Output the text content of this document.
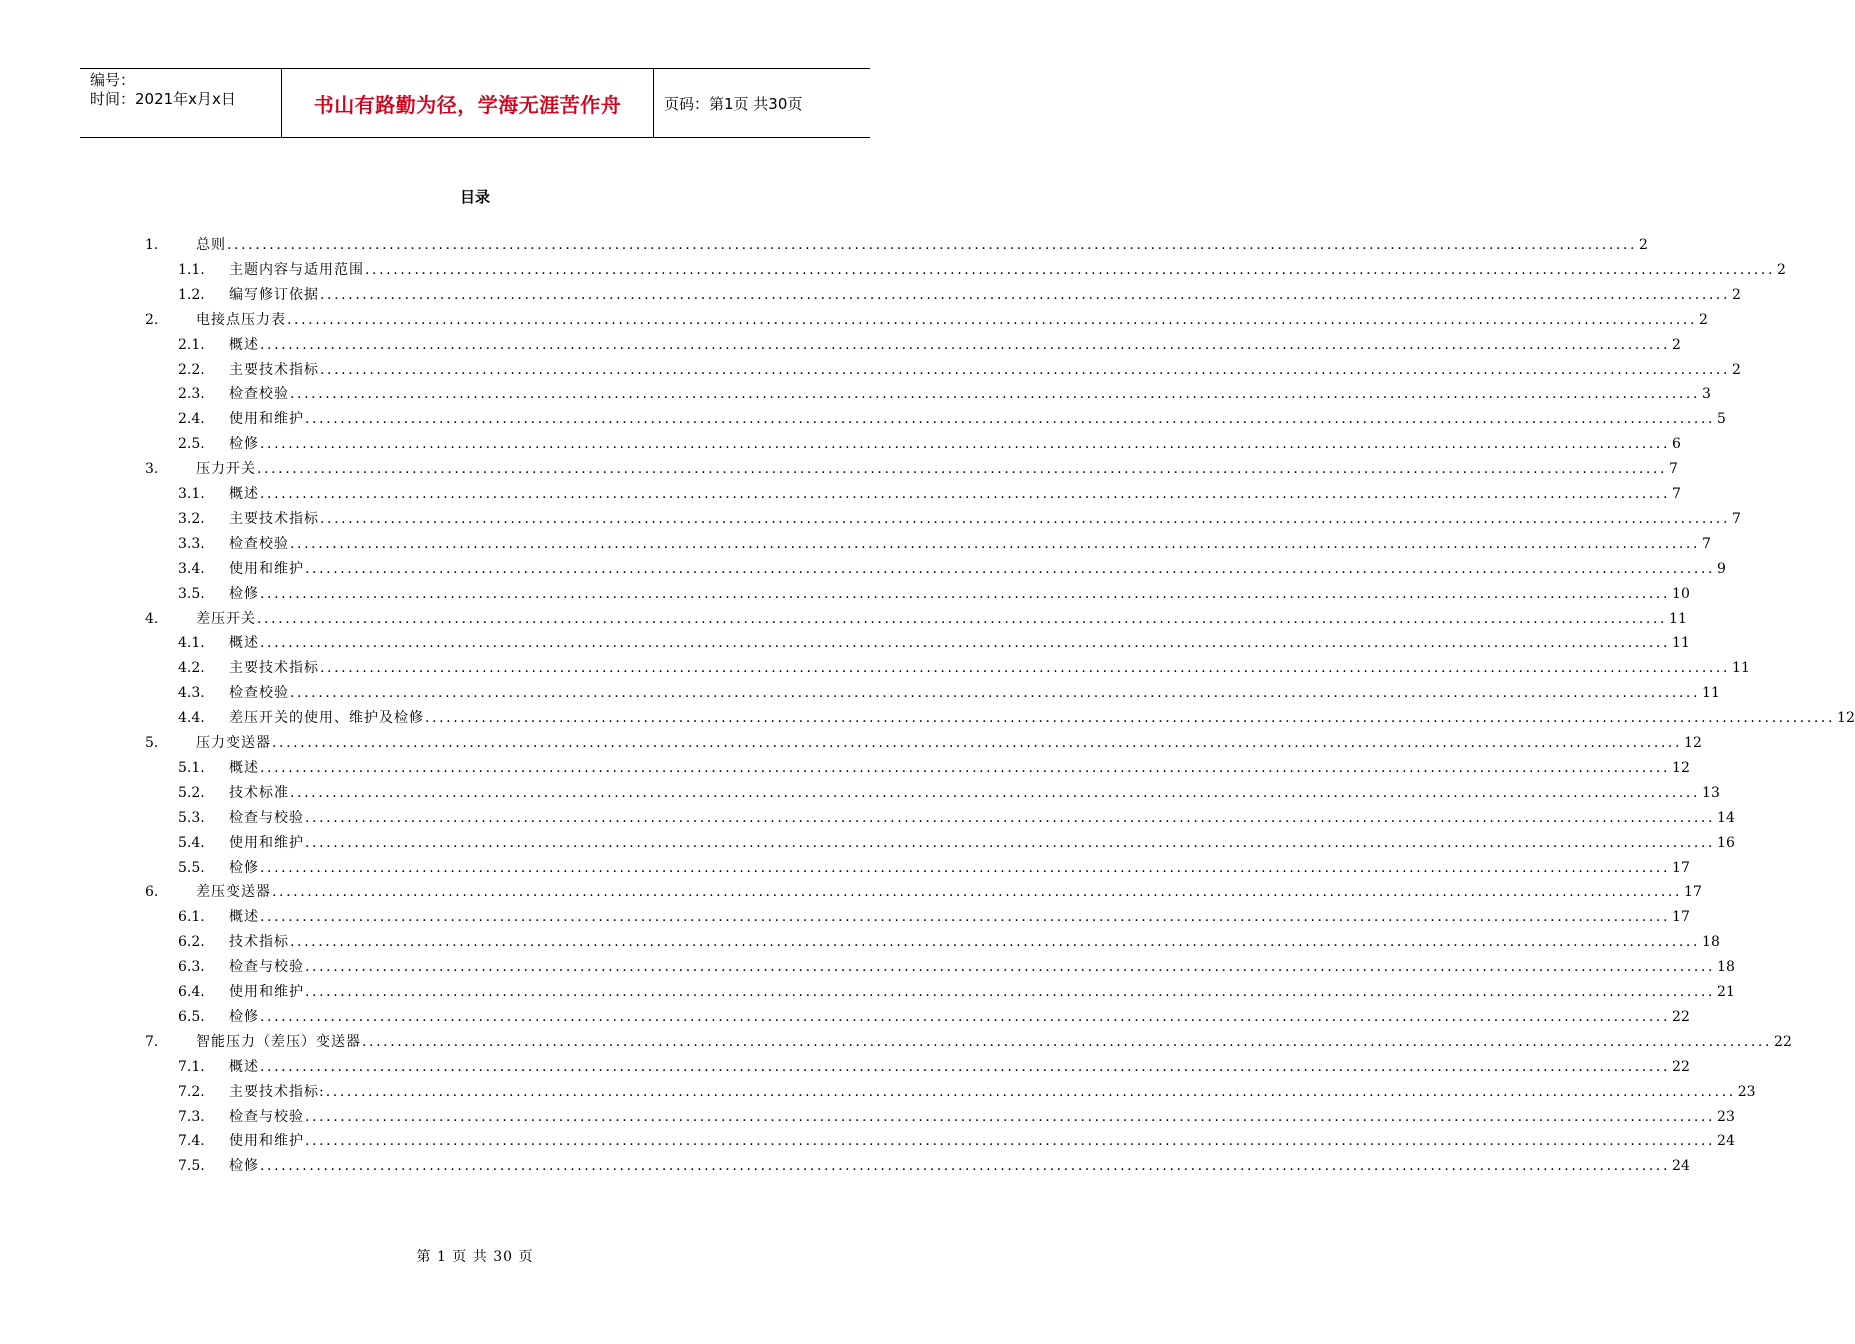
编号：
时间：2021年x月x日	书山有路勤为径，学海无涯苦作舟	页码：第1页 共30页
目录
1.	总则 ........................................................................................................................................................................................................ 2
1.1. 主题内容与适用范围 ........................................................................................................................................................................................................ 2
1.2. 编写修订依据 ........................................................................................................................................................................................................ 2
2.	电接点压力表 ........................................................................................................................................................................................................ 2
2.1. 概述 ........................................................................................................................................................................................................ 2
2.2. 主要技术指标 ........................................................................................................................................................................................................ 2
2.3. 检查校验 ........................................................................................................................................................................................................ 3
2.4. 使用和维护 ........................................................................................................................................................................................................ 5
2.5. 检修 ........................................................................................................................................................................................................ 6
3.	压力开关 ........................................................................................................................................................................................................ 7
3.1. 概述 ........................................................................................................................................................................................................ 7
3.2. 主要技术指标 ........................................................................................................................................................................................................ 7
3.3. 检查校验 ........................................................................................................................................................................................................ 7
3.4. 使用和维护 ........................................................................................................................................................................................................ 9
3.5. 检修 ........................................................................................................................................................................................................ 10
4.	差压开关 ........................................................................................................................................................................................................ 11
4.1. 概述 ........................................................................................................................................................................................................ 11
4.2. 主要技术指标 ........................................................................................................................................................................................................ 11
4.3. 检查校验 ........................................................................................................................................................................................................ 11
4.4. 差压开关的使用、维护及检修 ........................................................................................................................................................................................................ 12
5.	压力变送器 ........................................................................................................................................................................................................ 12
5.1. 概述 ........................................................................................................................................................................................................ 12
5.2. 技术标准 ........................................................................................................................................................................................................ 13
5.3. 检查与校验 ........................................................................................................................................................................................................ 14
5.4. 使用和维护 ........................................................................................................................................................................................................ 16
5.5. 检修 ........................................................................................................................................................................................................ 17
6.	差压变送器 ........................................................................................................................................................................................................ 17
6.1. 概述 ........................................................................................................................................................................................................ 17
6.2. 技术指标 ........................................................................................................................................................................................................ 18
6.3. 检查与校验 ........................................................................................................................................................................................................ 18
6.4. 使用和维护 ........................................................................................................................................................................................................ 21
6.5. 检修 ........................................................................................................................................................................................................ 22
7.	智能压力（差压）变送器 ........................................................................................................................................................................................................ 22
7.1. 概述 ........................................................................................................................................................................................................ 22
7.2. 主要技术指标: ........................................................................................................................................................................................................ 23
7.3. 检查与校验 ........................................................................................................................................................................................................ 23
7.4. 使用和维护 ........................................................................................................................................................................................................ 24
7.5. 检修 ........................................................................................................................................................................................................ 24
第 1 页 共 30 页
